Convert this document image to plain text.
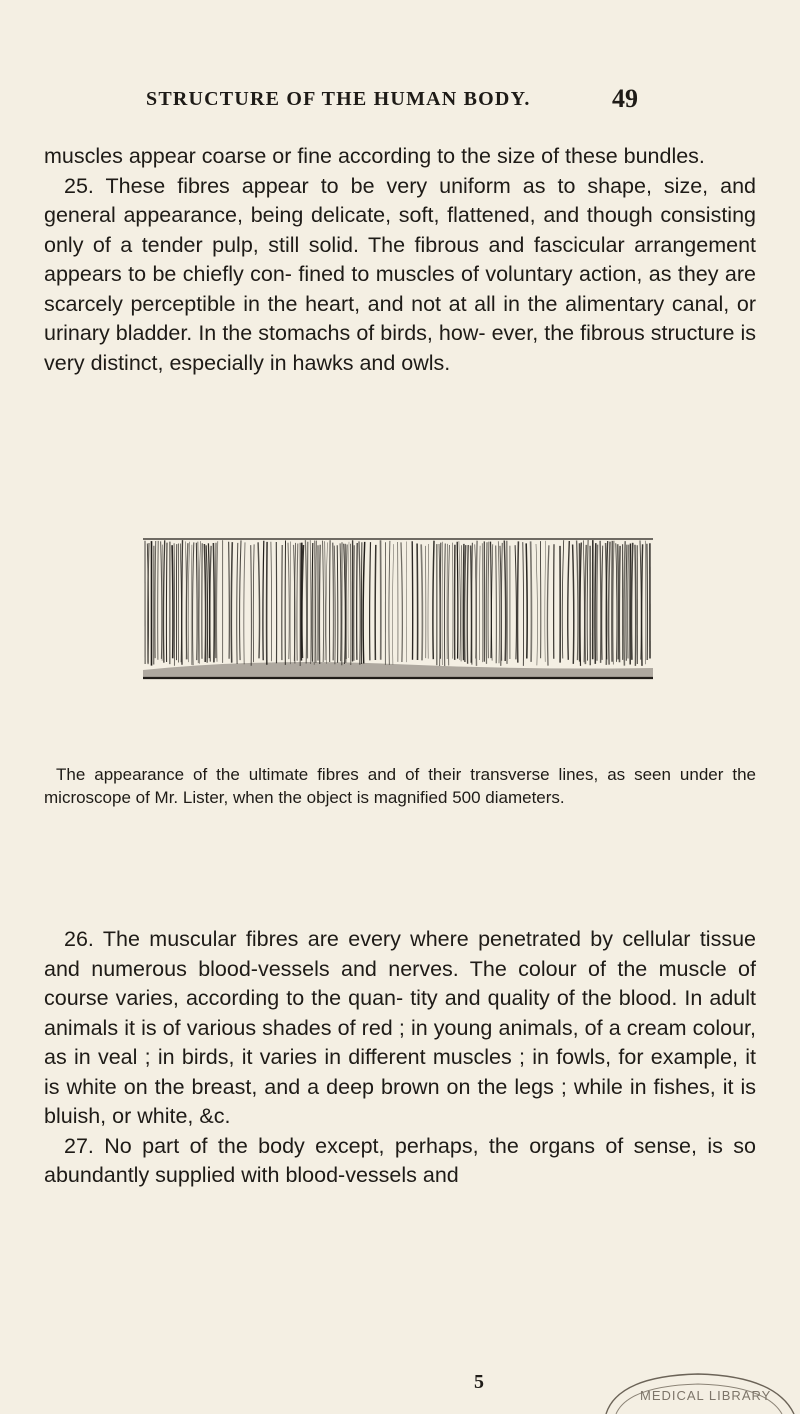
STRUCTURE OF THE HUMAN BODY.	49

muscles appear coarse or fine according to the size of these bundles.

25. These fibres appear to be very uniform as to shape, size, and general appearance, being delicate, soft, flattened, and though consisting only of a tender pulp, still solid. The fibrous and fascicular arrangement appears to be chiefly con- fined to muscles of voluntary action, as they are scarcely perceptible in the heart, and not at all in the alimentary canal, or urinary bladder. In the stomachs of birds, how- ever, the fibrous structure is very distinct, especially in hawks and owls.

The appearance of the ultimate fibres and of their transverse lines, as seen under the microscope of Mr. Lister, when the object is magnified 500 diameters.

26. The muscular fibres are every where penetrated by cellular tissue and numerous blood-vessels and nerves. The colour of the muscle of course varies, according to the quan- tity and quality of the blood. In adult animals it is of various shades of red ; in young animals, of a cream colour, as in veal ; in birds, it varies in different muscles ; in fowls, for example, it is white on the breast, and a deep brown on the legs ; while in fishes, it is bluish, or white, &c.

27. No part of the body except, perhaps, the organs of sense, is so abundantly supplied with blood-vessels and

5
MEDICAL LIBRARY
